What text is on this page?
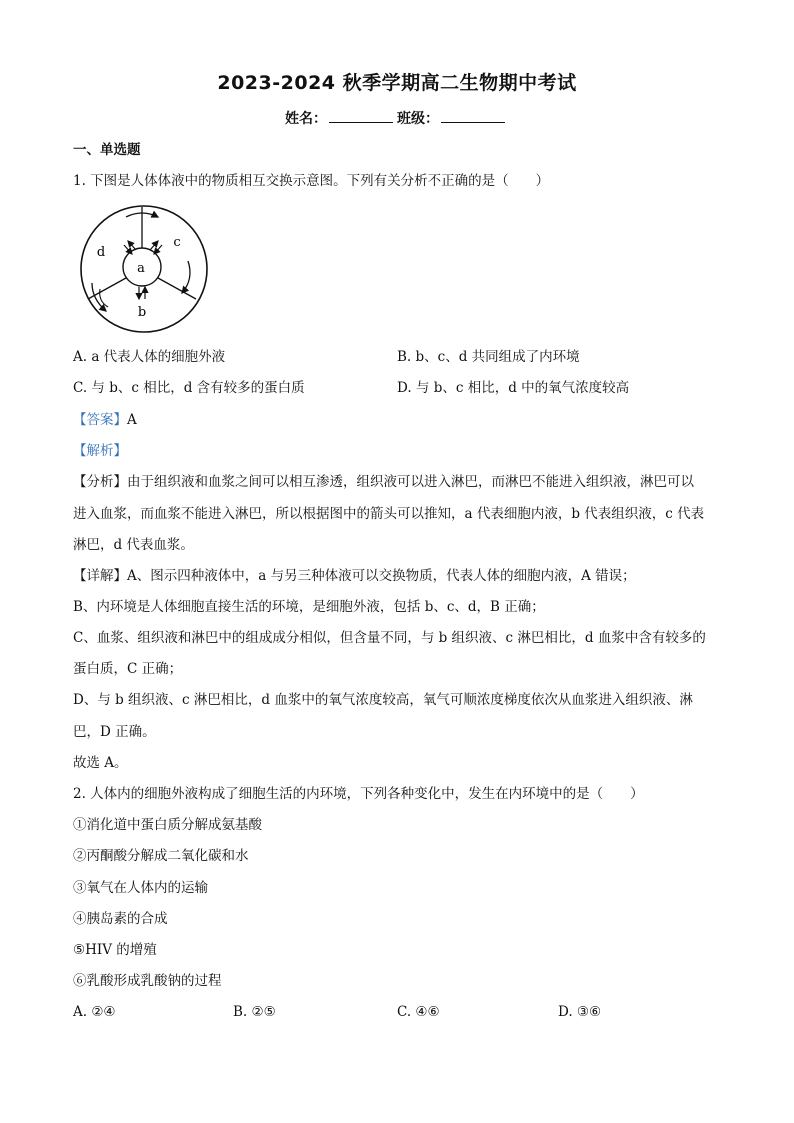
2023-2024 秋季学期高二生物期中考试
姓名：	班级：
一、单选题
1. 下图是人体体液中的物质相互交换示意图。下列有关分析不正确的是（　　）
a
b
c
d
A. a 代表人体的细胞外液	B. b、c、d 共同组成了内环境
C. 与 b、c 相比，d 含有较多的蛋白质	D. 与 b、c 相比，d 中的氧气浓度较高
【答案】A
【解析】
【分析】由于组织液和血浆之间可以相互渗透，组织液可以进入淋巴，而淋巴不能进入组织液，淋巴可以
进入血浆，而血浆不能进入淋巴，所以根据图中的箭头可以推知，a 代表细胞内液，b 代表组织液，c 代表
淋巴，d 代表血浆。
【详解】A、图示四种液体中，a 与另三种体液可以交换物质，代表人体的细胞内液，A 错误；
B、内环境是人体细胞直接生活的环境，是细胞外液，包括 b、c、d，B 正确；
C、血浆、组织液和淋巴中的组成成分相似，但含量不同，与 b 组织液、c 淋巴相比，d 血浆中含有较多的
蛋白质，C 正确；
D、与 b 组织液、c 淋巴相比，d 血浆中的氧气浓度较高，氧气可顺浓度梯度依次从血浆进入组织液、淋
巴，D 正确。
故选 A。
2. 人体内的细胞外液构成了细胞生活的内环境，下列各种变化中，发生在内环境中的是（　　）
①消化道中蛋白质分解成氨基酸
②丙酮酸分解成二氧化碳和水
③氧气在人体内的运输
④胰岛素的合成
⑤HIV 的增殖
⑥乳酸形成乳酸钠的过程
A. ②④	B. ②⑤	C. ④⑥	D. ③⑥
